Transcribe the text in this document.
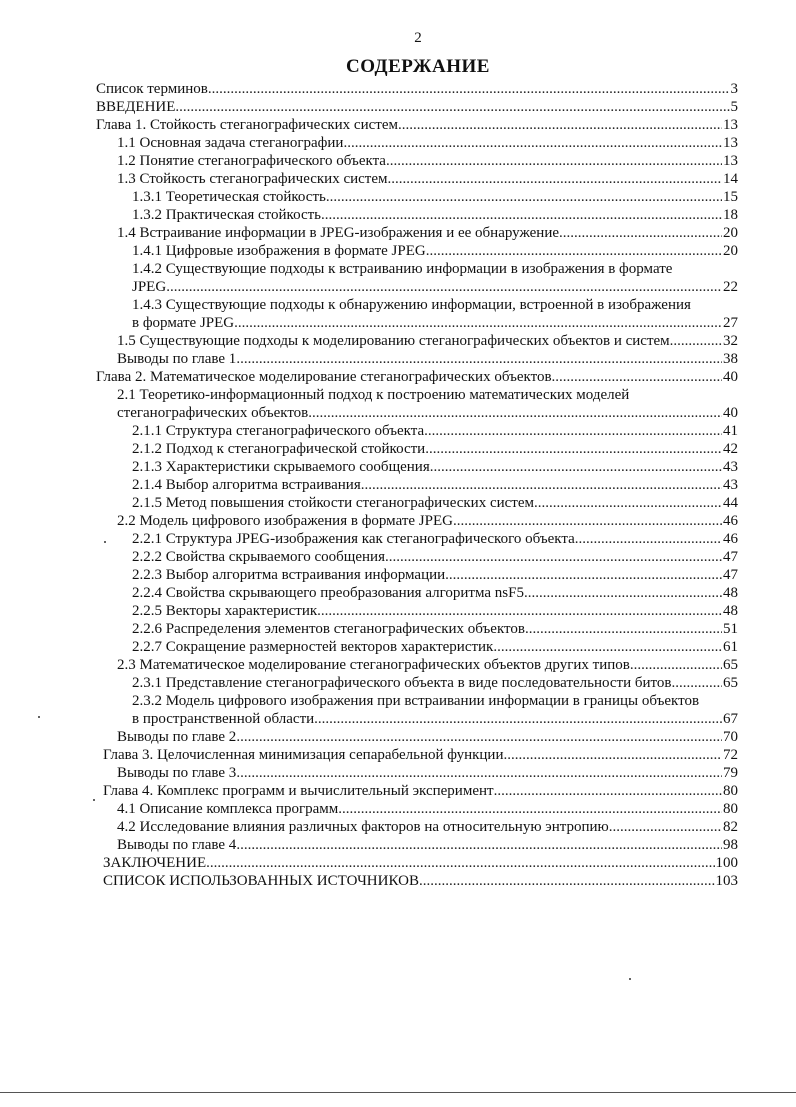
2
СОДЕРЖАНИЕ
Список терминов .....	3
ВВЕДЕНИЕ .....	5
Глава 1. Стойкость стеганографических систем .....	13
1.1 Основная задача стеганографии .....	13
1.2 Понятие стеганографического объекта .....	13
1.3 Стойкость стеганографических систем .....	14
1.3.1 Теоретическая стойкость .....	15
1.3.2 Практическая стойкость .....	18
1.4 Встраивание информации в JPEG-изображения и ее обнаружение .....	20
1.4.1 Цифровые изображения в формате JPEG .....	20
1.4.2 Существующие подходы к встраиванию информации в изображения в формате
JPEG .....	22
1.4.3 Существующие подходы к обнаружению информации, встроенной в изображения
в формате JPEG .....	27
1.5 Существующие подходы к моделированию стеганографических объектов и систем .....	32
Выводы по главе 1 .....	38
Глава 2. Математическое моделирование стеганографических объектов .....	40
2.1 Теоретико-информационный подход к построению математических моделей
стеганографических объектов .....	40
2.1.1 Структура стеганографического объекта .....	41
2.1.2 Подход к стеганографической стойкости .....	42
2.1.3 Характеристики скрываемого сообщения .....	43
2.1.4 Выбор алгоритма встраивания .....	43
2.1.5 Метод повышения стойкости стеганографических систем .....	44
2.2 Модель цифрового изображения в формате JPEG .....	46
2.2.1 Структура JPEG-изображения как стеганографического объекта .....	46
2.2.2 Свойства скрываемого сообщения .....	47
2.2.3 Выбор алгоритма встраивания информации .....	47
2.2.4 Свойства скрывающего преобразования алгоритма nsF5 .....	48
2.2.5 Векторы характеристик .....	48
2.2.6 Распределения элементов стеганографических объектов .....	51
2.2.7 Сокращение размерностей векторов характеристик .....	61
2.3 Математическое моделирование стеганографических объектов других типов .....	65
2.3.1 Представление стеганографического объекта в виде последовательности битов .....	65
2.3.2 Модель цифрового изображения при встраивании информации в границы объектов
в пространственной области .....	67
Выводы по главе 2 .....	70
Глава 3. Целочисленная минимизация сепарабельной функции .....	72
Выводы по главе 3 .....	79
Глава 4. Комплекс программ и вычислительный эксперимент .....	80
4.1 Описание комплекса программ .....	80
4.2 Исследование влияния различных факторов на относительную энтропию .....	82
Выводы по главе 4 .....	98
ЗАКЛЮЧЕНИЕ .....	100
СПИСОК ИСПОЛЬЗОВАННЫХ ИСТОЧНИКОВ .....	103
